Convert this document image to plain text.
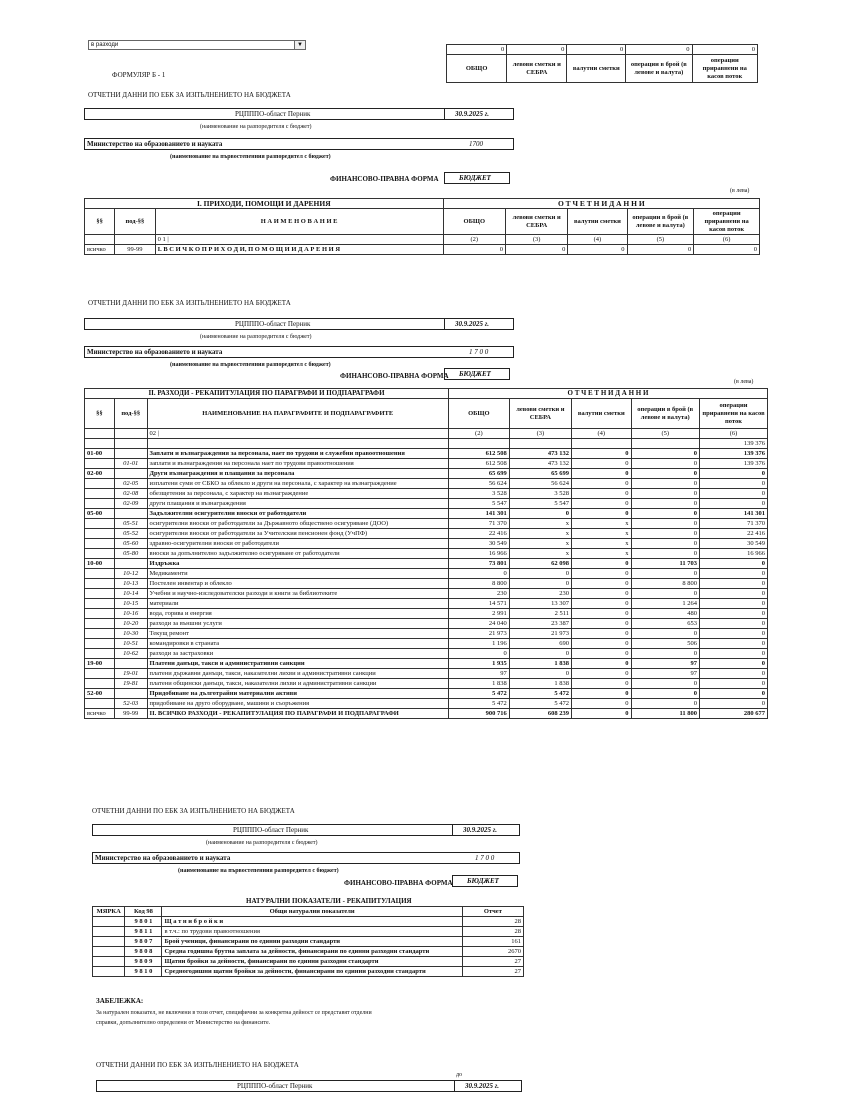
в разходи	▼
0	0	0	0	0
ОБЩО	левови сметки и СЕБРА	валутни сметки	операции в брой (в левове и валута)	операции приравнени на касов поток
ФОРМУЛЯР Б - 1
ОТЧЕТНИ ДАННИ ПО ЕБК ЗА ИЗПЪЛНЕНИЕТО НА БЮДЖЕТА
РЦПППО-област Перник	30.9.2025 г.
(наименование на разпоредителя с бюджет)
Министерство на образованието и науката	1700
(наименование на първостепенния разпоредител с бюджет)
ФИНАНСОВО-ПРАВНА ФОРМА	БЮДЖЕТ
(в лева)
I. ПРИХОДИ, ПОМОЩИ И ДАРЕНИЯ			О Т Ч Е Т Н И Д А Н Н И				
§§	под-§§	Н А И М Е Н О В А Н И Е	ОБЩО	левови сметки и СЕБРА	валутни сметки	операции в брой (в левове и валута)	операции приравнени на касов поток
		0 1 |	(2)	(3)	(4)	(5)	(6)
всичко	99-99	I. В С И Ч К О П Р И Х О Д И, П О М О Щ И И Д А Р Е Н И Я	0	0	0	0	0
ОТЧЕТНИ ДАННИ ПО ЕБК ЗА ИЗПЪЛНЕНИЕТО НА БЮДЖЕТА
РЦПППО-област Перник	30.9.2025 г.
(наименование на разпоредителя с бюджет)
Министерство на образованието и науката	1 7 0 0
(наименование на първостепенния разпоредител с бюджет)
ФИНАНСОВО-ПРАВНА ФОРМА БЮДЖЕТ
(в лева)
II. РАЗХОДИ - РЕКАПИТУЛАЦИЯ ПО ПАРАГРАФИ И ПОДПАРАГРАФИ			О Т Ч Е Т Н И Д А Н Н И				
§§	под-§§	НАИМЕНОВАНИЕ НА ПАРАГРАФИТЕ И ПОДПАРАГРАФИТЕ	ОБЩО	левови сметки и СЕБРА	валутни сметки	операции в брой (в левове и валута)	операции приравнени на касов поток
		02 |	(2)	(3)	(4)	(5)	(6)
							139 376
01-00		Заплати и възнаграждения за персонала, нает по трудови и служебни правоотношения	612 508	473 132	0	0	139 376
	01-01	заплати и възнаграждения на персонала нает по трудови правоотношения	612 508	473 132	0	0	139 376
02-00		Други възнаграждения и плащания за персонала	65 699	65 699	0	0	0
	02-05	изплатени суми от СБКО за облекло и други на персонала, с характер на възнаграждение	56 624	56 624	0	0	0
	02-08	обезщетения за персонала, с характер на възнаграждение	3 528	3 528	0	0	0
	02-09	други плащания и възнаграждения	5 547	5 547	0	0	0
05-00		Задължителни осигурителни вноски от работодатели	141 301	0	0	0	141 301
	05-51	осигурителни вноски от работодатели за Държавното обществено осигуряване (ДОО)	71 370	x	x	0	71 370
	05-52	осигурителни вноски от работодатели за Учителския пенсионен фонд (УчПФ)	22 416	x	x	0	22 416
	05-60	здравно-осигурителни вноски от работодатели	30 549	x	x	0	30 549
	05-80	вноски за допълнително задължително осигуряване от работодатели	16 966	x	x	0	16 966
10-00		Издръжка	73 801	62 098	0	11 703	0
	10-12	Медикаменти	0	0	0	0	0
	10-13	Постелен инвентар и облекло	8 800	0	0	8 800	0
	10-14	Учебни и научно-изследователски разходи и книги за библиотеките	230	230	0	0	0
	10-15	материали	14 571	13 307	0	1 264	0
	10-16	вода, горива и енергия	2 991	2 511	0	480	0
	10-20	разходи за външни услуги	24 040	23 387	0	653	0
	10-30	Текущ ремонт	21 973	21 973	0	0	0
	10-51	командировки в страната	1 196	690	0	506	0
	10-62	разходи за застраховки	0	0	0	0	0
19-00		Платени данъци, такси и административни санкции	1 935	1 838	0	97	0
	19-01	платени държавни данъци, такси, наказателни лихви и административни санкции	97	0	0	97	0
	19-81	платени общински данъци, такси, наказателни лихви и административни санкции	1 838	1 838	0	0	0
52-00		Придобиване на дълготрайни материални активи	5 472	5 472	0	0	0
	52-03	придобиване на друго оборудване, машини и съоръжения	5 472	5 472	0	0	0
всичко	99-99	II. ВСИЧКО РАЗХОДИ - РЕКАПИТУЛАЦИЯ ПО ПАРАГРАФИ И ПОДПАРАГРАФИ	900 716	608 239	0	11 800	280 677
ОТЧЕТНИ ДАННИ ПО ЕБК ЗА ИЗПЪЛНЕНИЕТО НА БЮДЖЕТА
РЦПППО-област Перник	30.9.2025 г.
(наименование на разпоредителя с бюджет)
Министерство на образованието и науката	1 7 0 0
(наименование на първостепенния разпоредител с бюджет)
ФИНАНСОВО-ПРАВНА ФОРМА БЮДЖЕТ
НАТУРАЛНИ ПОКАЗАТЕЛИ - РЕКАПИТУЛАЦИЯ
МЯРКА	Код 98	Общи натурални показатели	Отчет
	9 8 0 1	Щ а т н и б р о й к и	28
	9 8 1 1	в т.ч.: по трудови правоотношения	28
	9 8 0 7	Брой ученици, финансирани по единни разходни стандарти	161
	9 8 0 8	Средна годишна брутна заплата за дейности, финансирани по единни разходни стандарти	2670
	9 8 0 9	Щатни бройки за дейности, финансирани по единни разходни стандарти	27
	9 8 1 0	Средногодишни щатни бройки за дейности, финансирани по единни разходни стандарти	27
ЗАБЕЛЕЖКА:
За натурален показател, не включени в този отчет, специфични за конкретна дейност се представят отделни
справки, допълнително определени от Министерство на финансите.
ОТЧЕТНИ ДАННИ ПО ЕБК ЗА ИЗПЪЛНЕНИЕТО НА БЮДЖЕТА
до
РЦПППО-област Перник	30.9.2025 г.
